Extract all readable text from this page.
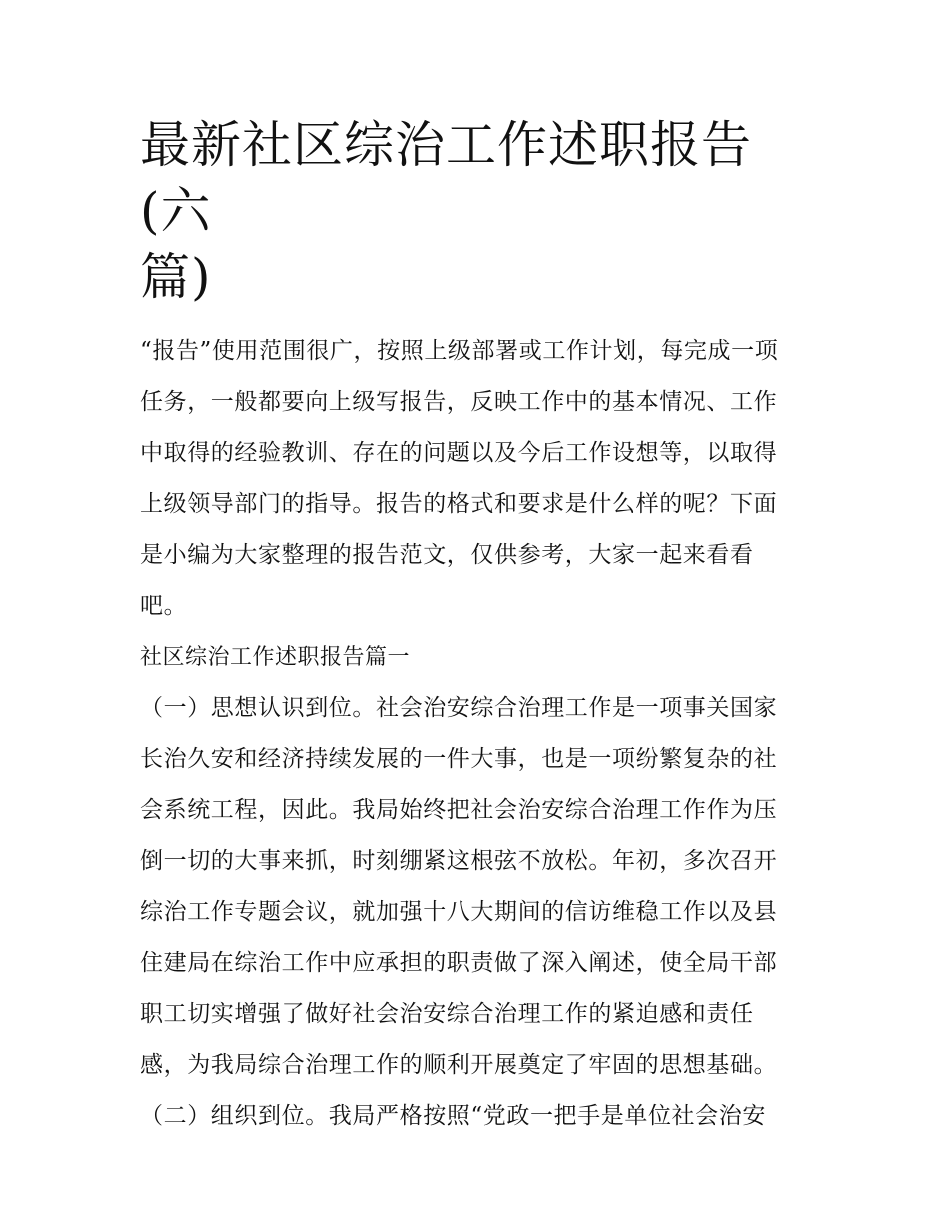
最新社区综治工作述职报告(六
篇)
“报告”使用范围很广，按照上级部署或工作计划，每完成一项
任务，一般都要向上级写报告，反映工作中的基本情况、工作
中取得的经验教训、存在的问题以及今后工作设想等，以取得
上级领导部门的指导。报告的格式和要求是什么样的呢？下面
是小编为大家整理的报告范文，仅供参考，大家一起来看看
吧。
社区综治工作述职报告篇一
（一）思想认识到位。社会治安综合治理工作是一项事关国家
长治久安和经济持续发展的一件大事，也是一项纷繁复杂的社
会系统工程，因此。我局始终把社会治安综合治理工作作为压
倒一切的大事来抓，时刻绷紧这根弦不放松。年初，多次召开
综治工作专题会议，就加强十八大期间的信访维稳工作以及县
住建局在综治工作中应承担的职责做了深入阐述，使全局干部
职工切实增强了做好社会治安综合治理工作的紧迫感和责任
感，为我局综合治理工作的顺利开展奠定了牢固的思想基础。
（二）组织到位。我局严格按照“党政一把手是单位社会治安
